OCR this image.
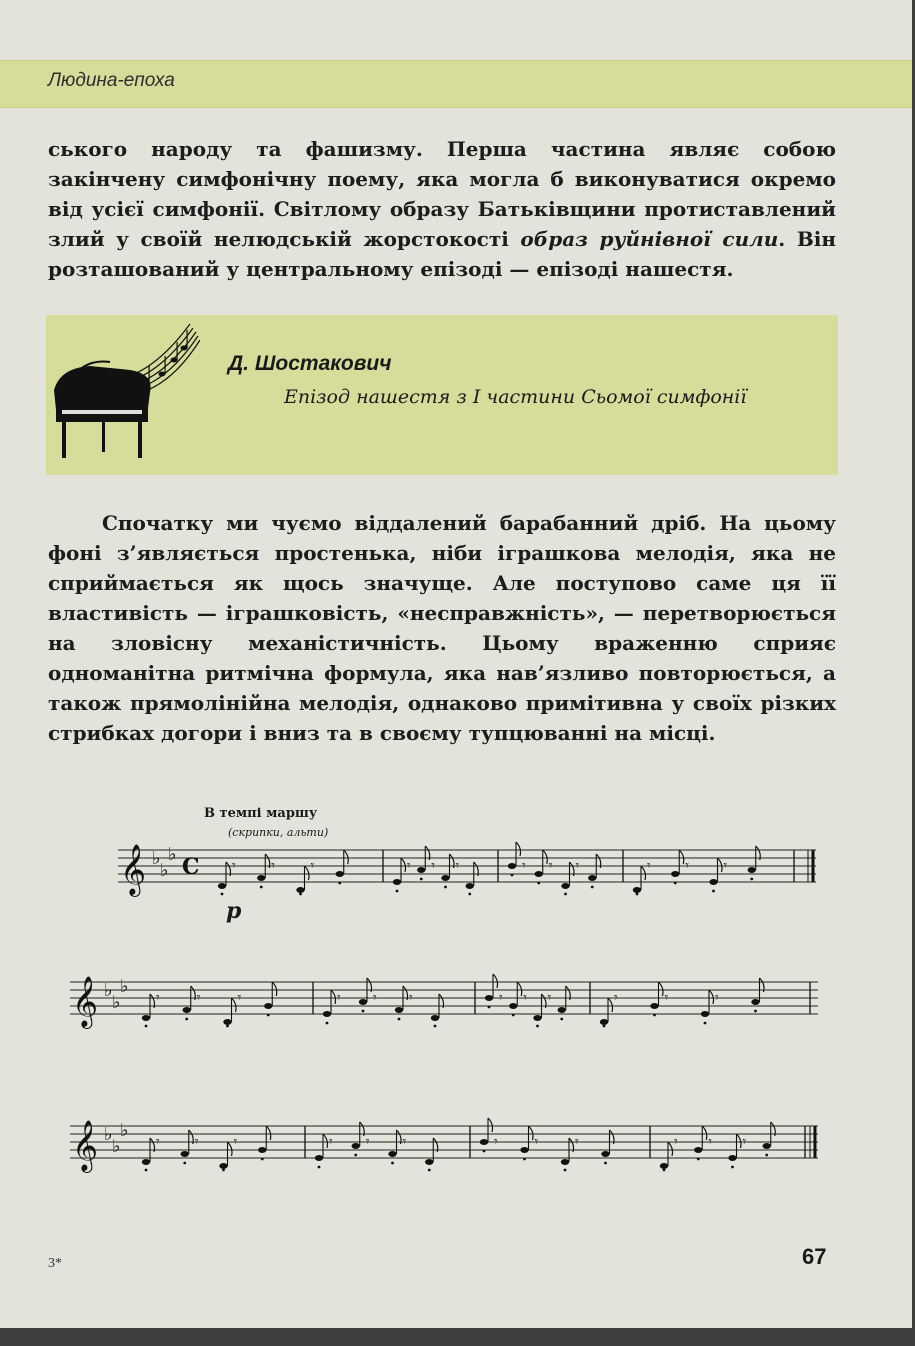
Людина-епоха
ського народу та фашизму. Перша частина являє собою закінчену симфонічну поему, яка могла б виконуватися окремо від усієї симфонії. Світлому образу Батьківщини протиставлений злий у своїй нелюдській жорстокості образ руйнівної сили. Він розташований у центральному епізоді — епізоді нашестя.
Д. Шостакович
Епізод нашестя з І частини Сьомої симфонії
Спочатку ми чуємо віддалений барабанний дріб. На цьому фоні з’являється простенька, ніби іграшкова мелодія, яка не сприймається як щось значуще. Але поступово саме ця її властивість — іграшковість, «несправжність», — перетворюється на зловісну механістичність. Цьому враженню сприяє одноманітна ритмічна формула, яка нав’язливо повторюється, а також прямолінійна мелодія, однаково примітивна у своїх різких стрибках догори і вниз та в своєму тупцюванні на місці.
В темпі маршу
(скрипки, альти)
p
𝄞 ♭
♭
♭ C 𝄾	𝄾	𝄾	𝄾 𝄾 𝄾	𝄾 𝄾 𝄾	𝄾 𝄾 𝄾
𝄞 ♭
♭
♭
𝄾	𝄾	𝄾	𝄾 𝄾 𝄾	𝄾 𝄾 𝄾	𝄾	𝄾	𝄾
𝄞 ♭
♭
♭
𝄾	𝄾	𝄾	𝄾 𝄾 𝄾	𝄾	𝄾	𝄾	𝄾 𝄾 𝄾
3*	67
